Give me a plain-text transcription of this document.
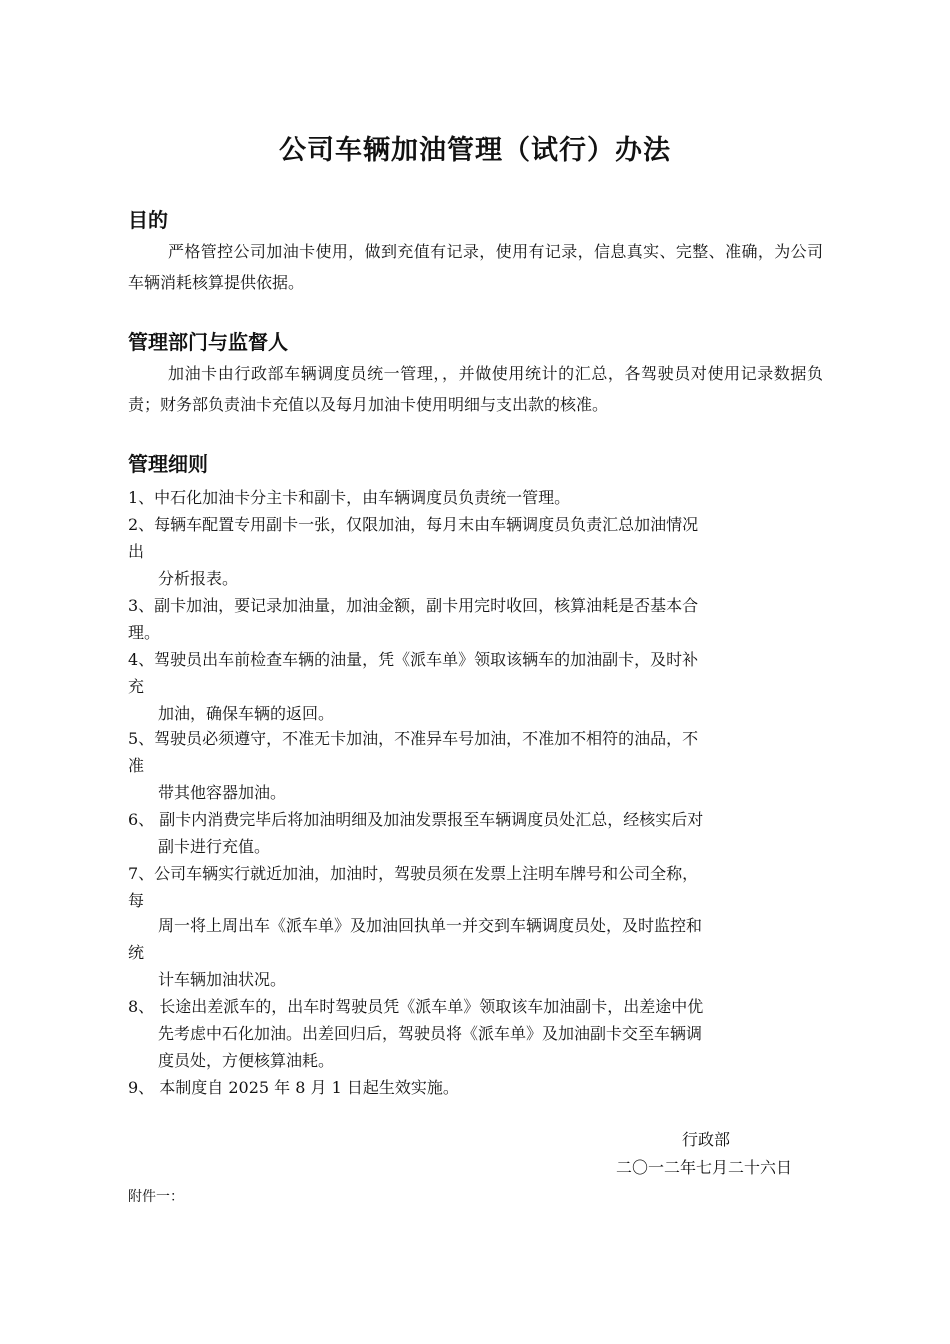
公司车辆加油管理（试行）办法
目的
严格管控公司加油卡使用，做到充值有记录，使用有记录，信息真实、完整、准确，为公司车辆消耗核算提供依据。
管理部门与监督人
加油卡由行政部车辆调度员统一管理，，并做使用统计的汇总，各驾驶员对使用记录数据负责；财务部负责油卡充值以及每月加油卡使用明细与支出款的核准。
管理细则
1、中石化加油卡分主卡和副卡，由车辆调度员负责统一管理。
2、每辆车配置专用副卡一张，仅限加油，每月末由车辆调度员负责汇总加油情况
出
分析报表。
3、副卡加油，要记录加油量，加油金额，副卡用完时收回，核算油耗是否基本合
理。
4、驾驶员出车前检查车辆的油量，凭《派车单》领取该辆车的加油副卡，及时补
充
加油，确保车辆的返回。
5、驾驶员必须遵守，不准无卡加油，不准异车号加油，不准加不相符的油品，不
准
带其他容器加油。
6、 副卡内消费完毕后将加油明细及加油发票报至车辆调度员处汇总，经核实后对
副卡进行充值。
7、公司车辆实行就近加油，加油时，驾驶员须在发票上注明车牌号和公司全称，
每
周一将上周出车《派车单》及加油回执单一并交到车辆调度员处，及时监控和
统
计车辆加油状况。
8、 长途出差派车的，出车时驾驶员凭《派车单》领取该车加油副卡，出差途中优
先考虑中石化加油。出差回归后，驾驶员将《派车单》及加油副卡交至车辆调
度员处，方便核算油耗。
9、 本制度自 2025 年 8 月 1 日起生效实施。
行政部
二〇一二年七月二十六日
附件一：
